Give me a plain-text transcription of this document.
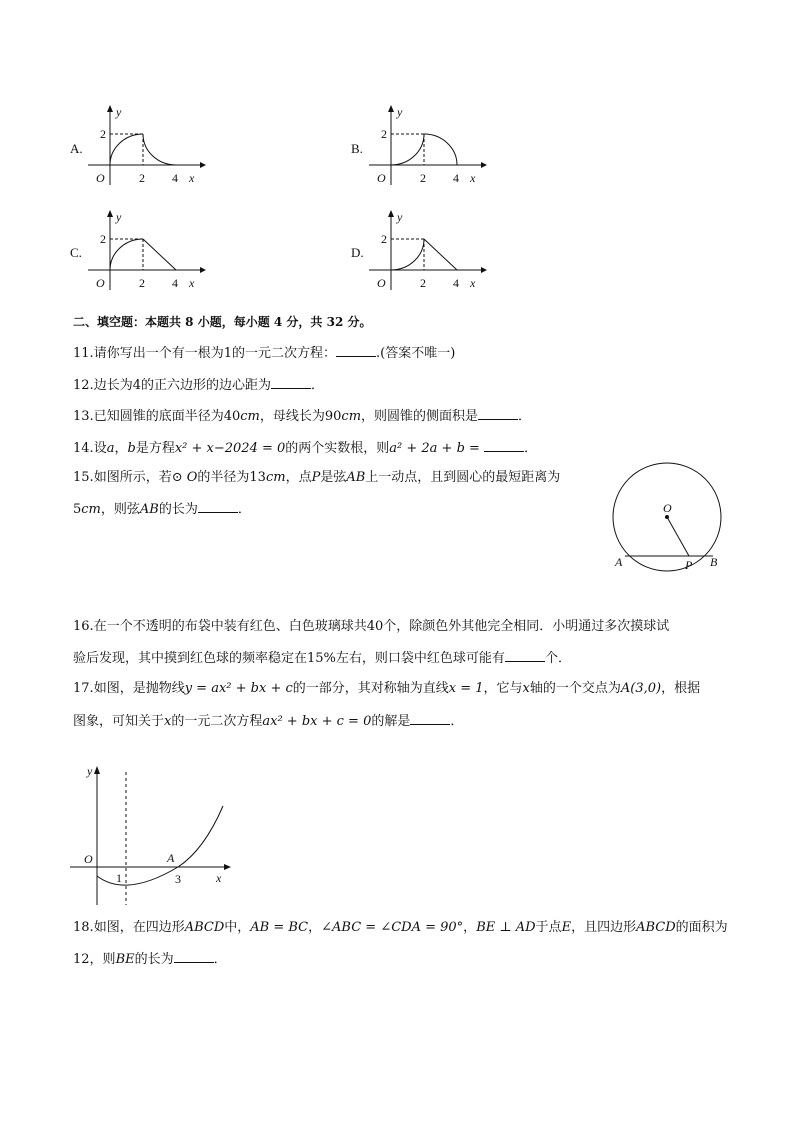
A.	B.
C.	D.
y
2
O	2 4 x
y
2
O	2 4 x
y
2
O	2 4 x
y
2
O	2 4 x
二、填空题：本题共 8 小题，每小题 4 分，共 32 分。
11.请你写出一个有一根为1的一元二次方程：	.(答案不唯一)
12.边长为4的正六边形的边心距为	．
13.已知圆锥的底面半径为40cm，母线长为90cm，则圆锥的侧面积是	．
14.设a，b是方程x² + x−2024 = 0的两个实数根，则a² + 2a + b =	．
15.如图所示，若⊙ O的半径为13cm，点P是弦AB上一动点，且到圆心的最短距离为
5cm，则弦AB的长为	．	O
A	P B
16.在一个不透明的布袋中装有红色、白色玻璃球共40个，除颜色外其他完全相同．小明通过多次摸球试
验后发现，其中摸到红色球的频率稳定在15%左右，则口袋中红色球可能有	个．
17.如图，是抛物线y = ax² + bx + c的一部分，其对称轴为直线x = 1，它与x轴的一个交点为A(3,0)，根据
图象，可知关于x的一元二次方程ax² + bx + c = 0的解是	．
y
x
O
1	3
A
18.如图，在四边形ABCD中，AB = BC，∠ABC = ∠CDA = 90°，BE ⊥ AD于点E，且四边形ABCD的面积为
12，则BE的长为	．
